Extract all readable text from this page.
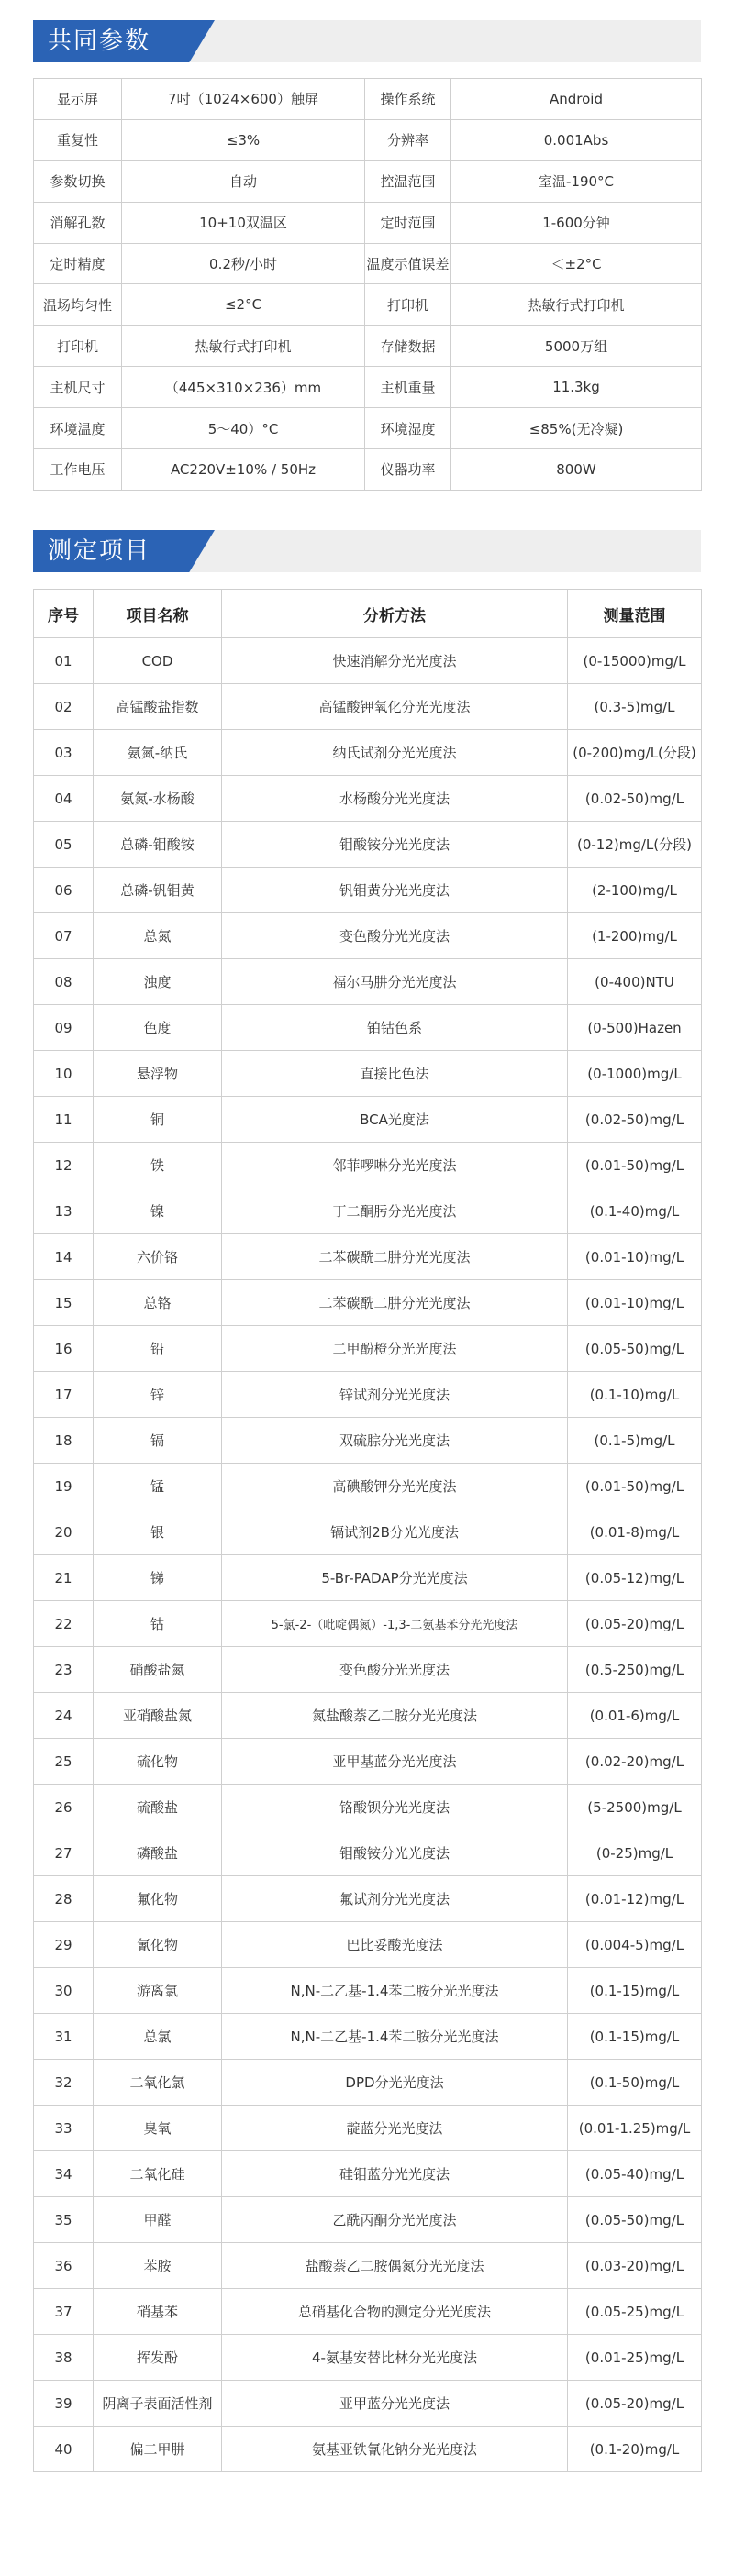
共同参数
显示屏	7吋（1024×600）触屏	操作系统	Android
重复性	≤3%	分辨率	0.001Abs
参数切换	自动	控温范围	室温-190°C
消解孔数	10+10双温区	定时范围	1-600分钟
定时精度	0.2秒/小时	温度示值误差	＜±2°C
温场均匀性	≤2°C	打印机	热敏行式打印机
打印机	热敏行式打印机	存储数据	5000万组
主机尺寸	（445×310×236）mm	主机重量	11.3kg
环境温度	5～40）°C	环境湿度	≤85%(无冷凝)
工作电压	AC220V±10% / 50Hz	仪器功率	800W
测定项目
序号	项目名称	分析方法	测量范围
01	COD	快速消解分光光度法	(0-15000)mg/L
02	高锰酸盐指数	高锰酸钾氧化分光光度法	(0.3-5)mg/L
03	氨氮-纳氏	纳氏试剂分光光度法	(0-200)mg/L(分段)
04	氨氮-水杨酸	水杨酸分光光度法	(0.02-50)mg/L
05	总磷-钼酸铵	钼酸铵分光光度法	(0-12)mg/L(分段)
06	总磷-钒钼黄	钒钼黄分光光度法	(2-100)mg/L
07	总氮	变色酸分光光度法	(1-200)mg/L
08	浊度	福尔马肼分光光度法	(0-400)NTU
09	色度	铂钴色系	(0-500)Hazen
10	悬浮物	直接比色法	(0-1000)mg/L
11	铜	BCA光度法	(0.02-50)mg/L
12	铁	邻菲啰啉分光光度法	(0.01-50)mg/L
13	镍	丁二酮肟分光光度法	(0.1-40)mg/L
14	六价铬	二苯碳酰二肼分光光度法	(0.01-10)mg/L
15	总铬	二苯碳酰二肼分光光度法	(0.01-10)mg/L
16	铅	二甲酚橙分光光度法	(0.05-50)mg/L
17	锌	锌试剂分光光度法	(0.1-10)mg/L
18	镉	双硫腙分光光度法	(0.1-5)mg/L
19	锰	高碘酸钾分光光度法	(0.01-50)mg/L
20	银	镉试剂2B分光光度法	(0.01-8)mg/L
21	锑	5-Br-PADAP分光光度法	(0.05-12)mg/L
22	钴	5-氯-2-（吡啶偶氮）-1,3-二氨基苯分光光度法	(0.05-20)mg/L
23	硝酸盐氮	变色酸分光光度法	(0.5-250)mg/L
24	亚硝酸盐氮	氮盐酸萘乙二胺分光光度法	(0.01-6)mg/L
25	硫化物	亚甲基蓝分光光度法	(0.02-20)mg/L
26	硫酸盐	铬酸钡分光光度法	(5-2500)mg/L
27	磷酸盐	钼酸铵分光光度法	(0-25)mg/L
28	氟化物	氟试剂分光光度法	(0.01-12)mg/L
29	氰化物	巴比妥酸光度法	(0.004-5)mg/L
30	游离氯	N,N-二乙基-1.4苯二胺分光光度法	(0.1-15)mg/L
31	总氯	N,N-二乙基-1.4苯二胺分光光度法	(0.1-15)mg/L
32	二氧化氯	DPD分光光度法	(0.1-50)mg/L
33	臭氧	靛蓝分光光度法	(0.01-1.25)mg/L
34	二氧化硅	硅钼蓝分光光度法	(0.05-40)mg/L
35	甲醛	乙酰丙酮分光光度法	(0.05-50)mg/L
36	苯胺	盐酸萘乙二胺偶氮分光光度法	(0.03-20)mg/L
37	硝基苯	总硝基化合物的测定分光光度法	(0.05-25)mg/L
38	挥发酚	4-氨基安替比林分光光度法	(0.01-25)mg/L
39	阴离子表面活性剂	亚甲蓝分光光度法	(0.05-20)mg/L
40	偏二甲肼	氨基亚铁氰化钠分光光度法	(0.1-20)mg/L
